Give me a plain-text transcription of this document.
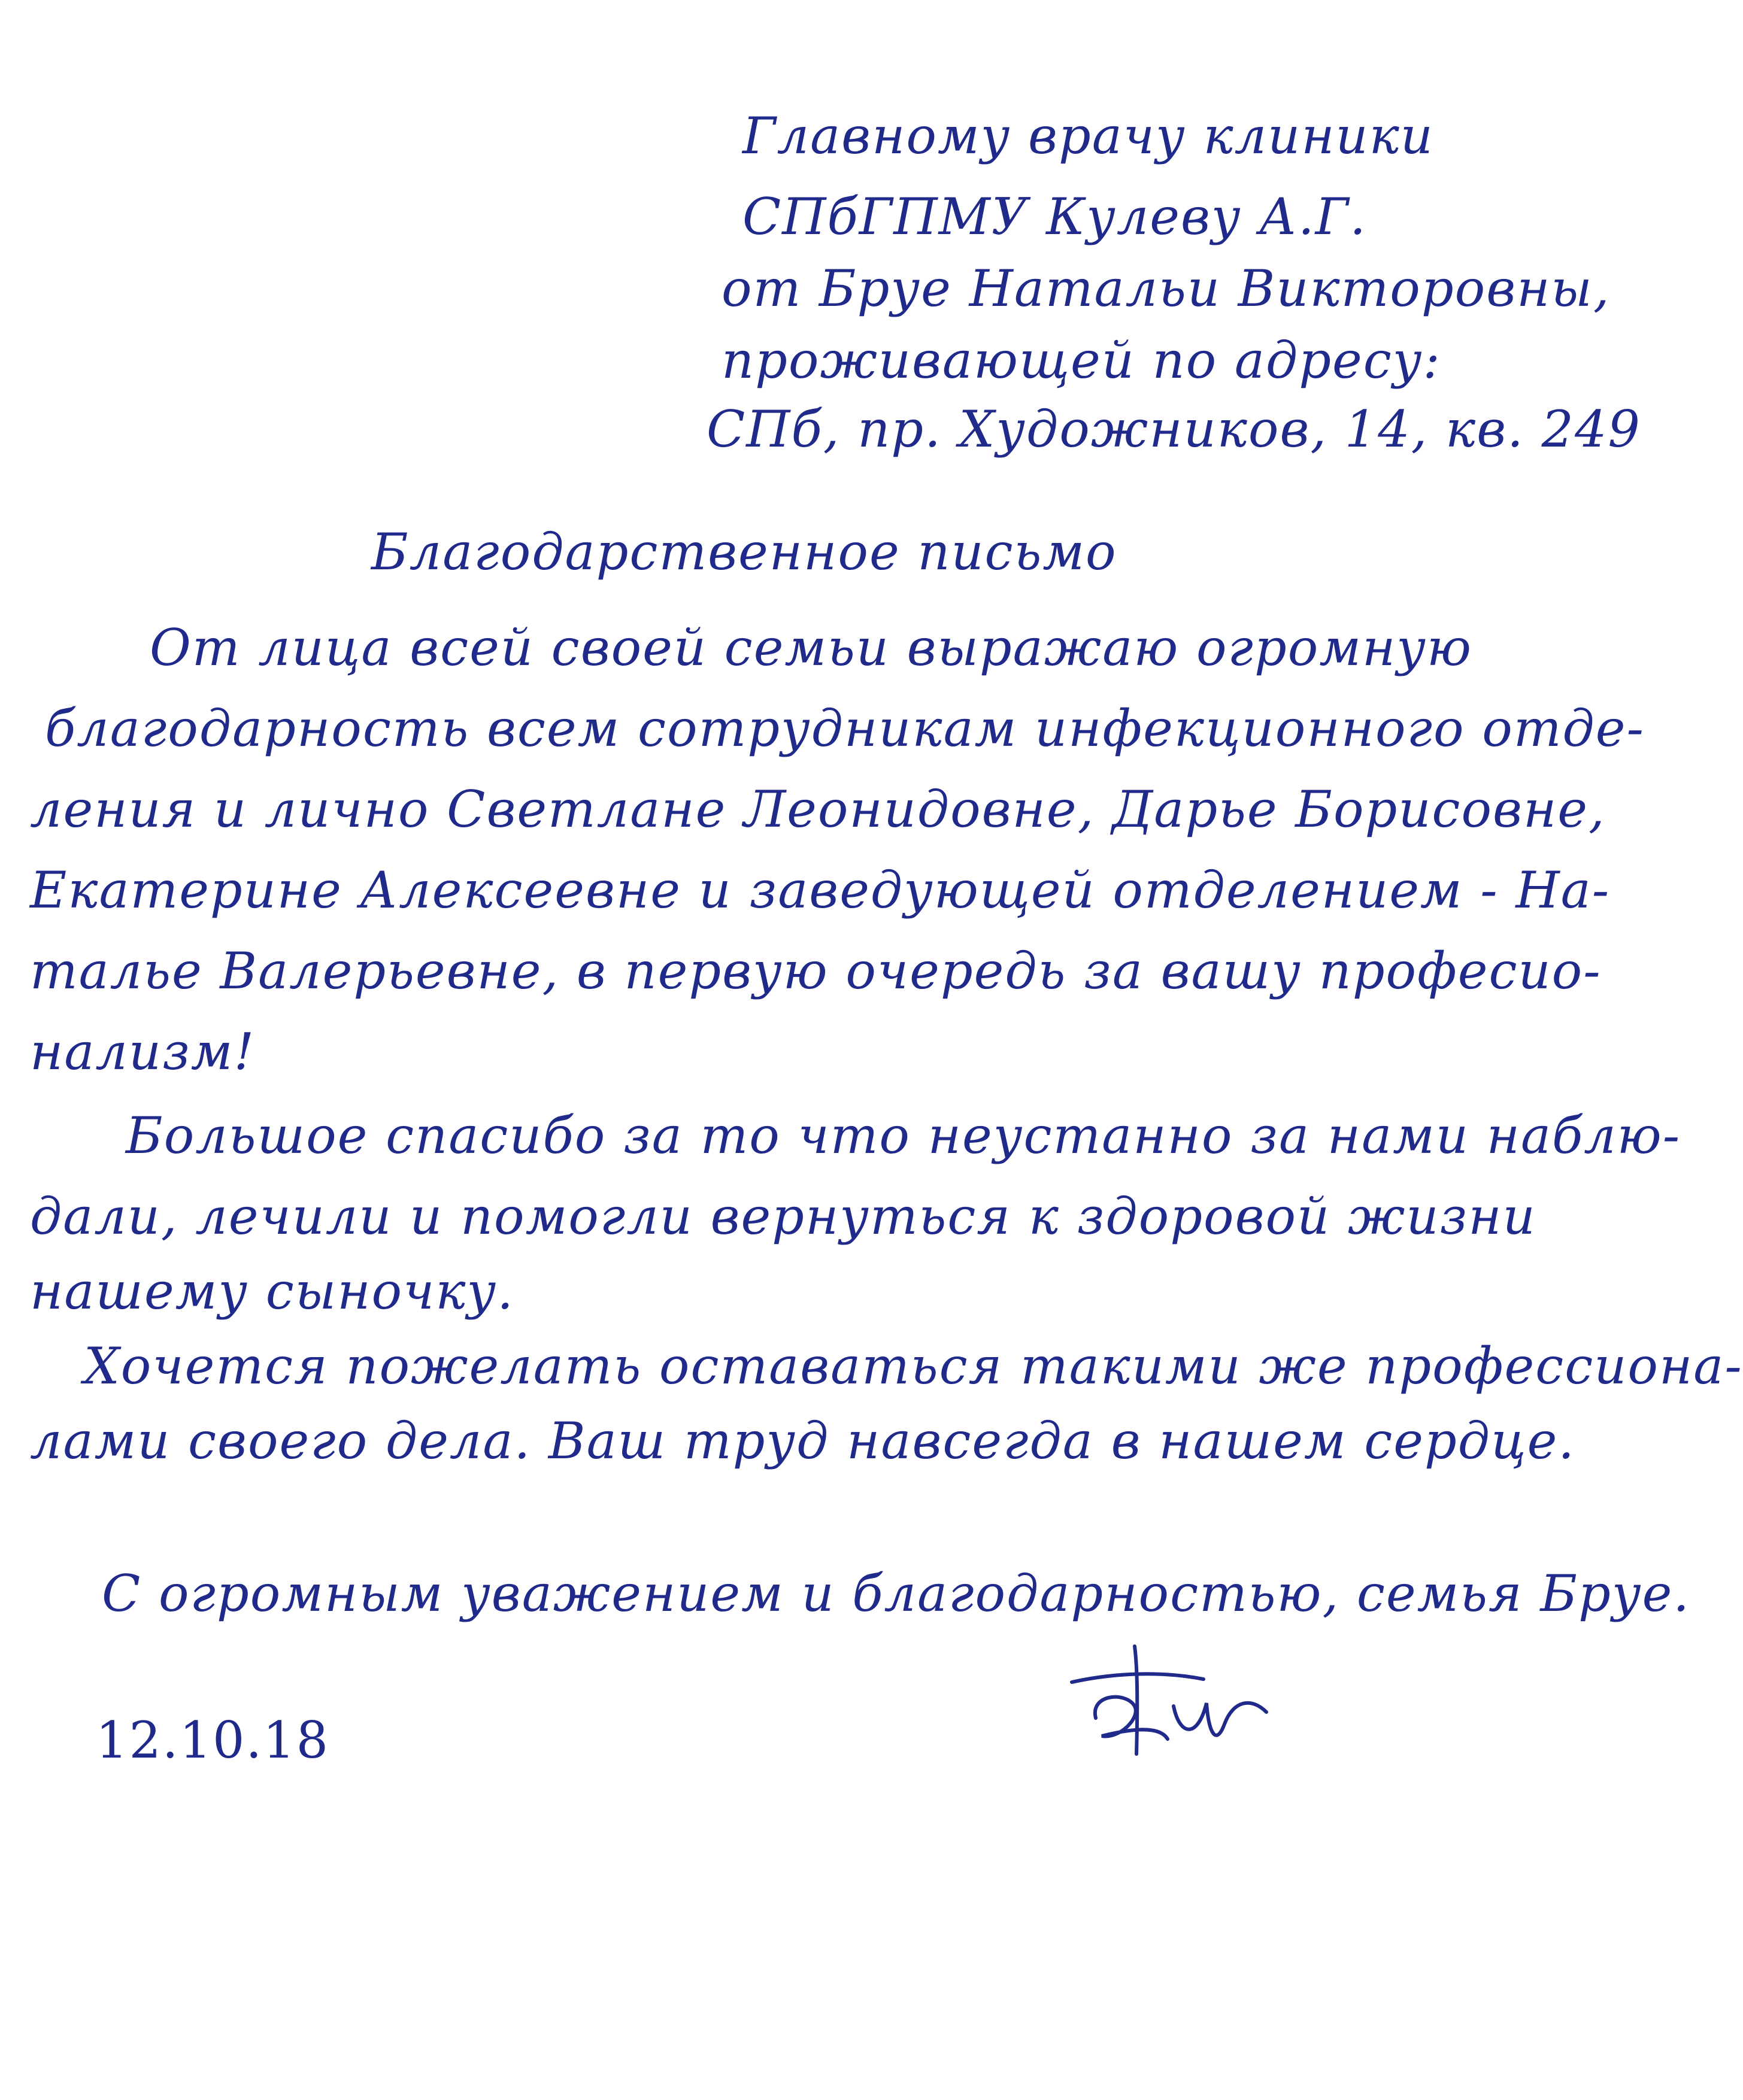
Главному врачу клиники
СПбГПМУ Кулеву А.Г.
от Бруе Натальи Викторовны,
проживающей по адресу:
СПб, пр. Художников, 14, кв. 249
Благодарственное письмо
От лица всей своей семьи выражаю огромную
благодарность всем сотрудникам инфекционного отде-
ления и лично Светлане Леонидовне, Дарье Борисовне,
Екатерине Алексеевне и заведующей отделением - На-
талье Валерьевне, в первую очередь за вашу професио-
нализм!
Большое спасибо за то что неустанно за нами наблю-
дали, лечили и помогли вернуться к здоровой жизни
нашему сыночку.
Хочется пожелать оставаться такими же профессиона-
лами своего дела. Ваш труд навсегда в нашем сердце.
С огромным уважением и благодарностью, семья Бруе.
12.10.18
